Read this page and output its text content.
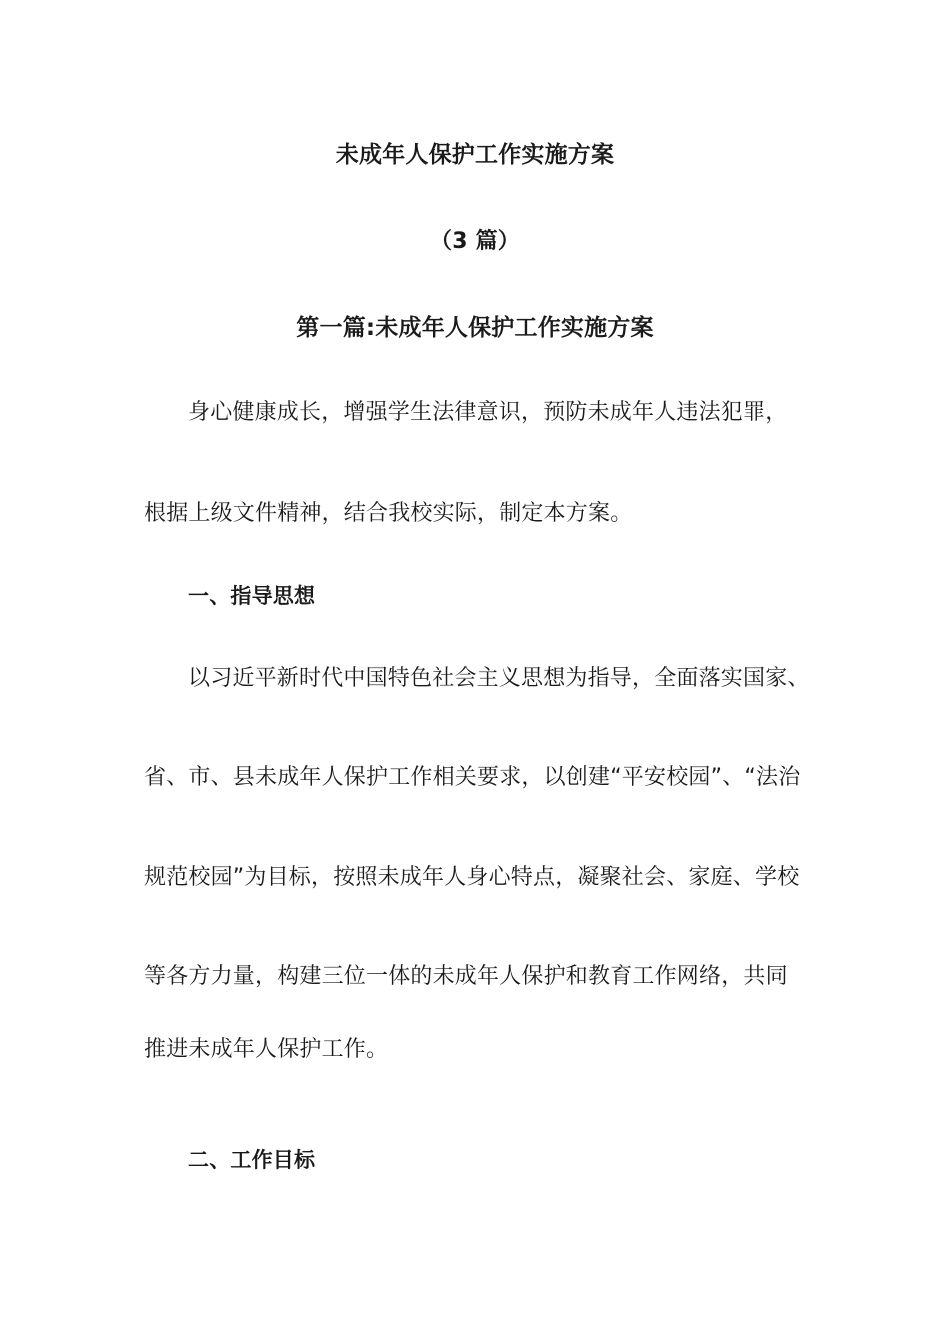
未成年人保护工作实施方案
（3 篇）
第一篇:未成年人保护工作实施方案
身心健康成长，增强学生法律意识，预防未成年人违法犯罪，
根据上级文件精神，结合我校实际，制定本方案。
一、指导思想
以习近平新时代中国特色社会主义思想为指导，全面落实国家、
省、市、县未成年人保护工作相关要求，以创建“平安校园”、“法治
规范校园”为目标，按照未成年人身心特点，凝聚社会、家庭、学校
等各方力量，构建三位一体的未成年人保护和教育工作网络，共同
推进未成年人保护工作。
二、工作目标
